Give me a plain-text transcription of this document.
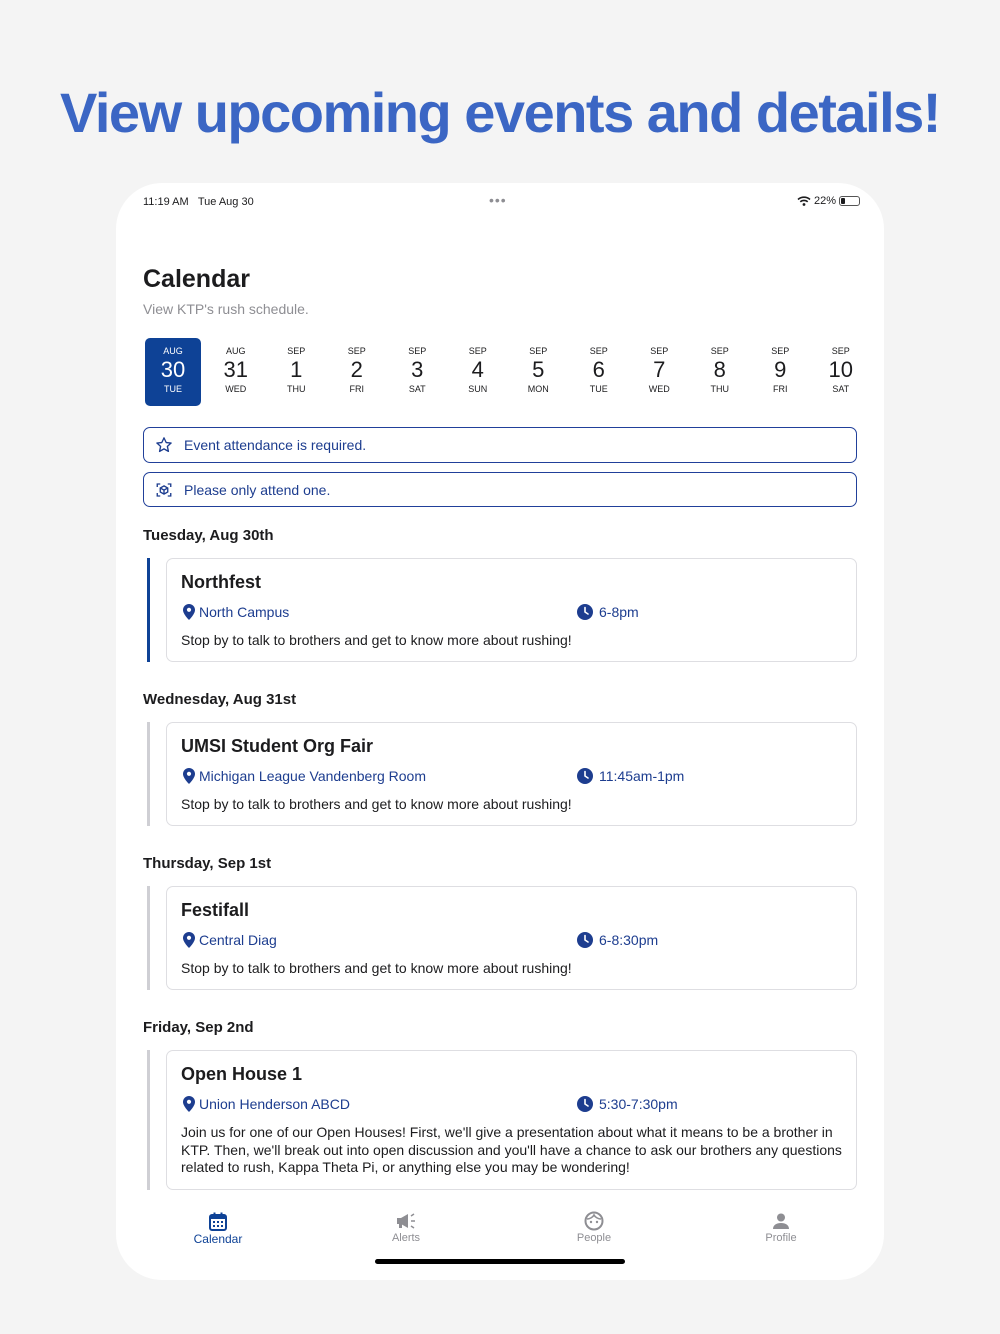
View upcoming events and details!
11:19 AM Tue Aug 30	•••	22%
Calendar
View KTP's rush schedule.
AUG
30
TUE
AUG
31
WED
SEP
1
THU
SEP
2
FRI
SEP
3
SAT
SEP
4
SUN
SEP
5
MON
SEP
6
TUE
SEP
7
WED
SEP
8
THU
SEP
9
FRI
SEP
10
SAT
Event attendance is required.
Please only attend one.
Tuesday, Aug 30th
Northfest
North Campus	6-8pm
Stop by to talk to brothers and get to know more about rushing!
Wednesday, Aug 31st
UMSI Student Org Fair
Michigan League Vandenberg Room	11:45am-1pm
Stop by to talk to brothers and get to know more about rushing!
Thursday, Sep 1st
Festifall
Central Diag	6-8:30pm
Stop by to talk to brothers and get to know more about rushing!
Friday, Sep 2nd
Open House 1
Union Henderson ABCD	5:30-7:30pm
Join us for one of our Open Houses! First, we'll give a presentation about what it means to be a brother in KTP. Then, we'll break out into open discussion and you'll have a chance to ask our brothers any questions related to rush, Kappa Theta Pi, or anything else you may be wondering!
Calendar	Alerts	People	Profile
